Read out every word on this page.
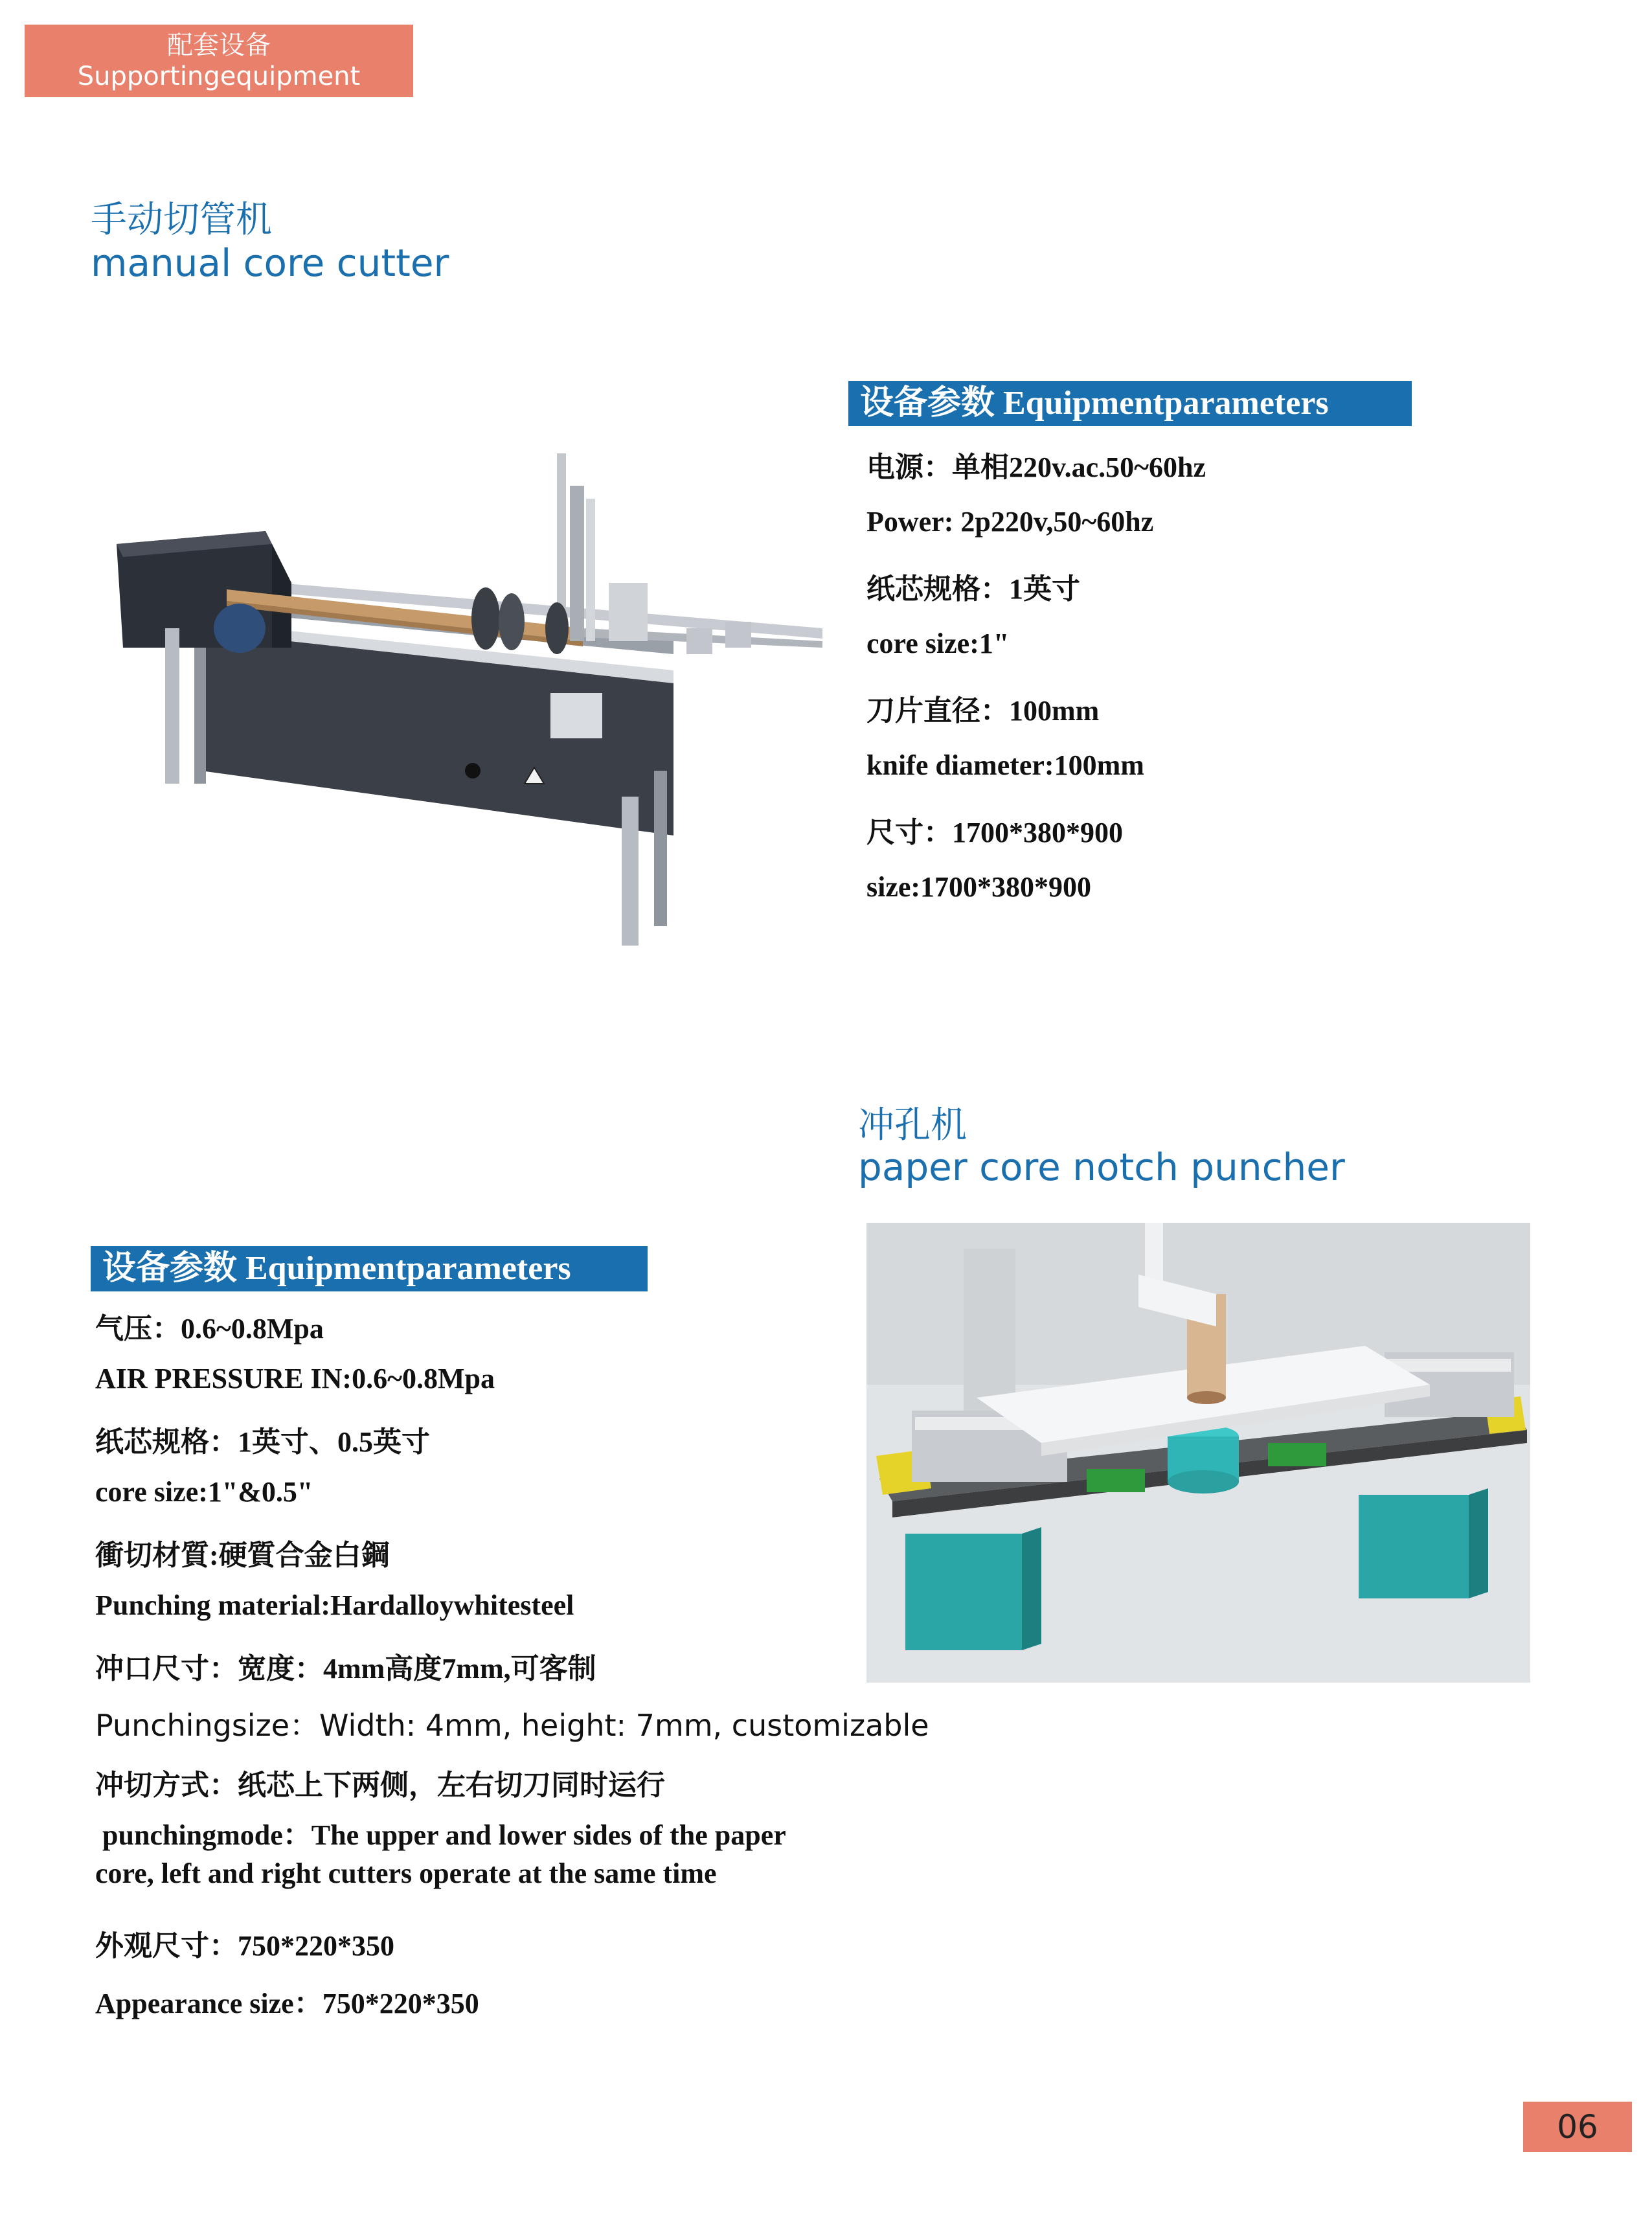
配套设备
Supportingequipment
手动切管机
manual core cutter
设备参数 Equipmentparameters
电源：单相220v.ac.50~60hz
Power: 2p220v,50~60hz
纸芯规格：1英寸
core size:1"
刀片直径：100mm
knife diameter:100mm
尺寸：1700*380*900
size:1700*380*900
冲孔机
paper core notch puncher
设备参数 Equipmentparameters
气压：0.6~0.8Mpa
AIR PRESSURE IN:0.6~0.8Mpa
纸芯规格：1英寸、0.5英寸
core size:1"&0.5"
衝切材質:硬質合金白鋼
Punching material:Hardalloywhitesteel
冲口尺寸：宽度：4mm高度7mm,可客制
Punchingsize：Width: 4mm, height: 7mm, customizable
冲切方式：纸芯上下两侧，左右切刀同时运行
punchingmode：The upper and lower sides of the paper
core, left and right cutters operate at the same time
外观尺寸：750*220*350
Appearance size：750*220*350
06
